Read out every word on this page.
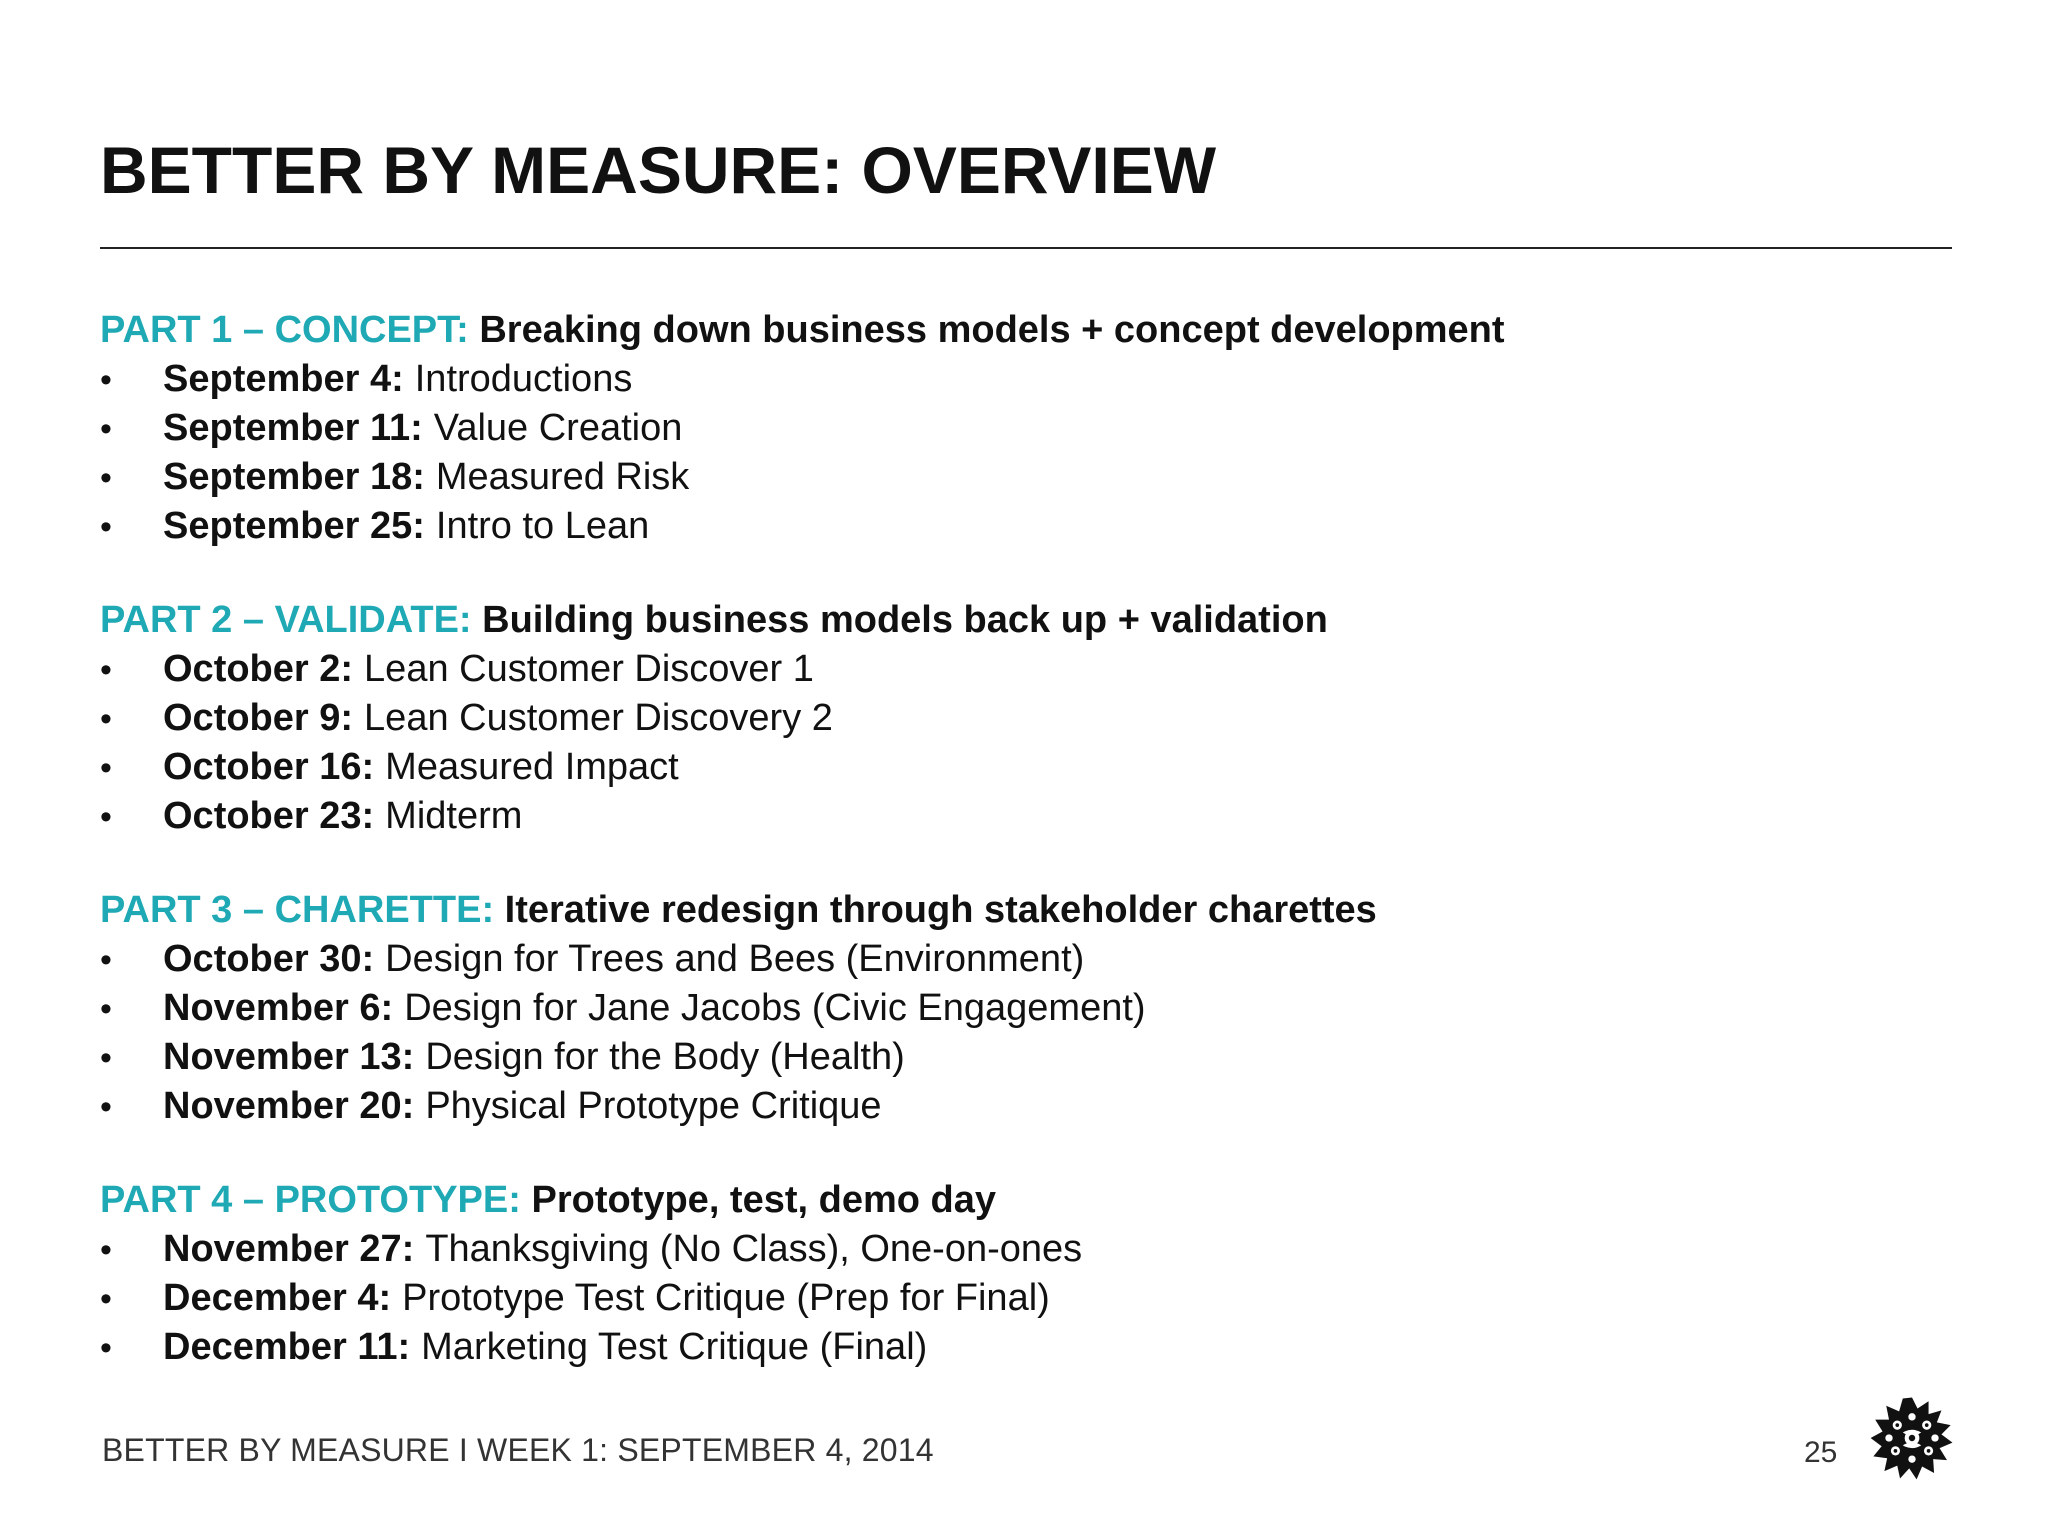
BETTER BY MEASURE: OVERVIEW

PART 1 – CONCEPT: Breaking down business models + concept development

•	September 4: Introductions
•	September 11: Value Creation
•	September 18: Measured Risk
•	September 25: Intro to Lean

PART 2 – VALIDATE: Building business models back up + validation

•	October 2: Lean Customer Discover 1
•	October 9: Lean Customer Discovery 2
•	October 16: Measured Impact
•	October 23: Midterm

PART 3 – CHARETTE: Iterative redesign through stakeholder charettes

•	October 30: Design for Trees and Bees (Environment)
•	November 6: Design for Jane Jacobs (Civic Engagement)
•	November 13: Design for the Body (Health)
•	November 20: Physical Prototype Critique

PART 4 – PROTOTYPE: Prototype, test, demo day

•	November 27: Thanksgiving (No Class), One-on-ones
•	December 4: Prototype Test Critique (Prep for Final)
•	December 11: Marketing Test Critique (Final)
BETTER BY MEASURE I WEEK 1: SEPTEMBER 4, 2014	25
